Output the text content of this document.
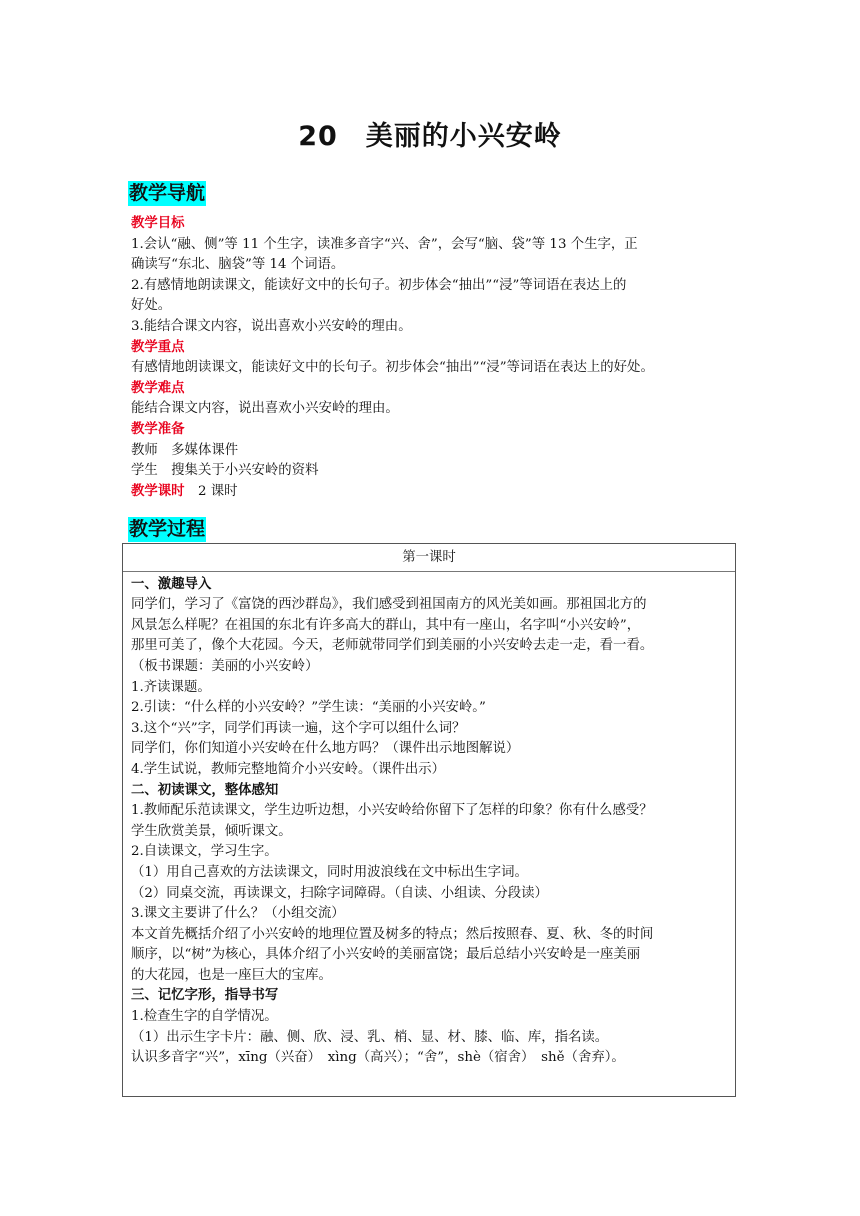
20　美丽的小兴安岭
教学导航
教学目标
1.会认“融、侧”等 11 个生字，读准多音字“兴、舍”，会写“脑、袋”等 13 个生字，正
确读写“东北、脑袋”等 14 个词语。
2.有感情地朗读课文，能读好文中的长句子。初步体会“抽出”“浸”等词语在表达上的
好处。
3.能结合课文内容，说出喜欢小兴安岭的理由。
教学重点
有感情地朗读课文，能读好文中的长句子。初步体会“抽出”“浸”等词语在表达上的好处。
教学难点
能结合课文内容，说出喜欢小兴安岭的理由。
教学准备
教师　多媒体课件
学生　搜集关于小兴安岭的资料
教学课时　2 课时
教学过程
第一课时
一、激趣导入
同学们，学习了《富饶的西沙群岛》，我们感受到祖国南方的风光美如画。那祖国北方的
风景怎么样呢？在祖国的东北有许多高大的群山，其中有一座山，名字叫“小兴安岭”，
那里可美了，像个大花园。今天，老师就带同学们到美丽的小兴安岭去走一走，看一看。
（板书课题：美丽的小兴安岭）
1.齐读课题。
2.引读：“什么样的小兴安岭？”学生读：“美丽的小兴安岭。”
3.这个“兴”字，同学们再读一遍，这个字可以组什么词？
同学们，你们知道小兴安岭在什么地方吗？（课件出示地图解说）
4.学生试说，教师完整地简介小兴安岭。（课件出示）
二、初读课文，整体感知
1.教师配乐范读课文，学生边听边想，小兴安岭给你留下了怎样的印象？你有什么感受？
学生欣赏美景，倾听课文。
2.自读课文，学习生字。
（1）用自己喜欢的方法读课文，同时用波浪线在文中标出生字词。
（2）同桌交流，再读课文，扫除字词障碍。（自读、小组读、分段读）
3.课文主要讲了什么？（小组交流）
本文首先概括介绍了小兴安岭的地理位置及树多的特点；然后按照春、夏、秋、冬的时间
顺序，以“树”为核心，具体介绍了小兴安岭的美丽富饶；最后总结小兴安岭是一座美丽
的大花园，也是一座巨大的宝库。
三、记忆字形，指导书写
1.检查生字的自学情况。
（1）出示生字卡片：融、侧、欣、浸、乳、梢、显、材、膝、临、库，指名读。
认识多音字“兴”，xīng（兴奋）　xìng（高兴）；“舍”，shè（宿舍）　shě（舍弃）。
